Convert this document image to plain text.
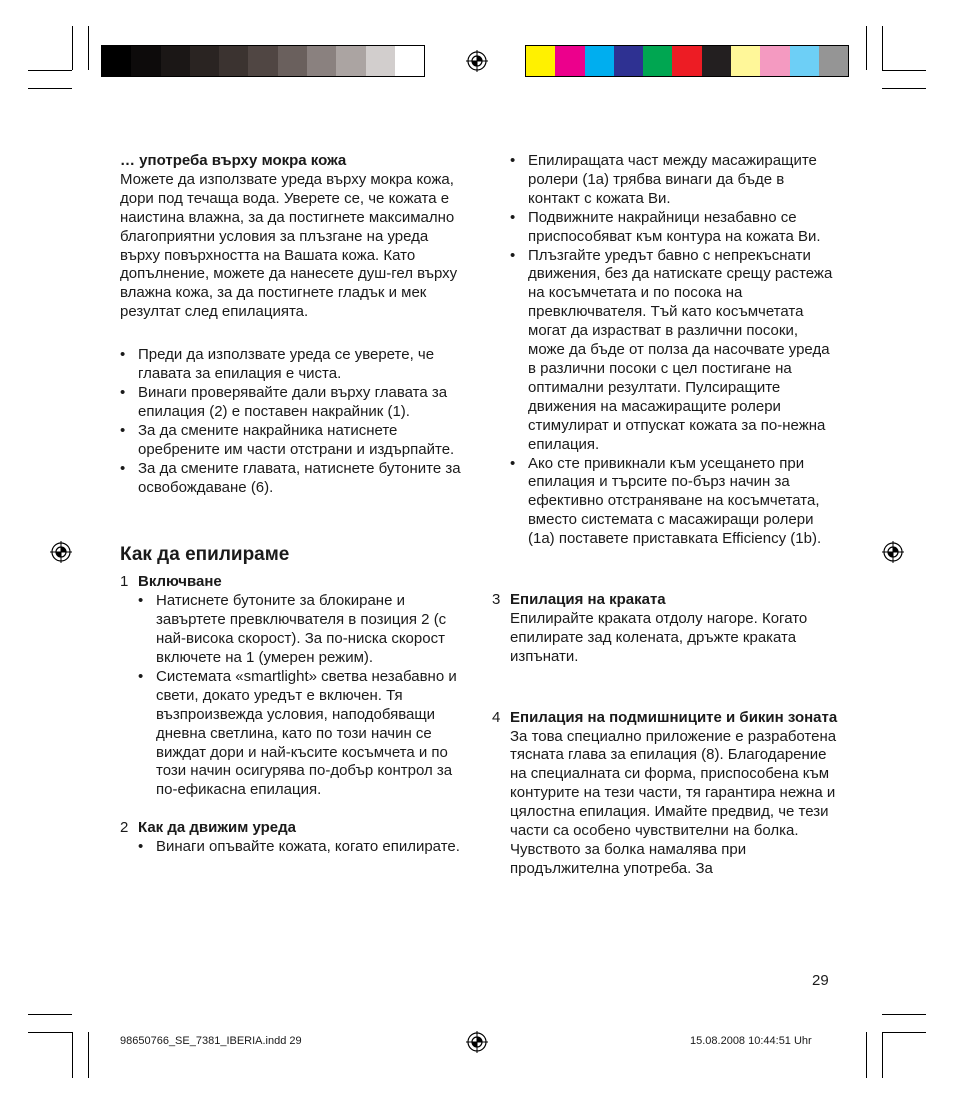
… употреба върху мокра кожа

Можете да използвате уреда върху мокра кожа, дори под течаща вода. Уверете се, че кожата е наистина влажна, за да постигнете максимално благоприятни условия за плъзгане на уреда върху повърхността на Вашата кожа. Като допълнение, можете да нанесете душ-гел върху влажна кожа, за да постигнете гладък и мек резултат след епилацията.

• Преди да използвате уреда се уверете, че главата за епилация е чиста.
• Винаги проверявайте дали върху главата за епилация (2) е поставен накрайник (1).
• За да смените накрайника натиснете оребрените им части отстрани и издърпайте.
• За да смените главата, натиснете бутоните за освобождаване (6).
Как да епилираме
1 Включване
• Натиснете бутоните за блокиране и завъртете превключвателя в позиция 2 (с най-висока скорост). За по-ниска скорост включете на 1 (умерен режим).
• Системата «smartlight» светва незабавно и свети, докато уредът е включен. Тя възпроизвежда условия, наподобяващи дневна светлина, като по този начин се виждат дори и най-късите косъмчета и по този начин осигурява по-добър контрол за по-ефикасна епилация.
2 Как да движим уреда
• Винаги опъвайте кожата, когато епилирате.
• Епилиращата част между масажиращите ролери (1a) трябва винаги да бъде в контакт с кожата Ви.
• Подвижните накрайници незабавно се приспособяват към контура на кожата Ви.
• Плъзгайте уредът бавно с непрекъснати движения, без да натискате срещу растежа на косъмчетата и по посока на превключвателя. Тъй като косъмчетата могат да израстват в различни посоки, може да бъде от полза да насочвате уреда в различни посоки с цел постигане на оптимални резултати. Пулсиращите движения на масажиращите ролери стимулират и отпускат кожата за по-нежна епилация.
• Ако сте привикнали към усещането при епилация и търсите по-бърз начин за ефективно отстраняване на косъмчетата, вместо системата с масажиращи ролери (1a) поставете приставката Efficiency (1b).
3 Епилация на краката

Епилирайте краката отдолу нагоре. Когато епилирате зад колената, дръжте краката изпънати.

4 Епилация на подмишниците и бикин зоната

За това специално приложение е разработена тясната глава за епилация (8). Благодарение на специалната си форма, приспособена към контурите на тези части, тя гарантира нежна и цялостна епилация. Имайте предвид, че тези части са особено чувствителни на болка. Чувството за болка намалява при продължителна употреба. За

29
98650766_SE_7381_IBERIA.indd 29	15.08.2008 10:44:51 Uhr
